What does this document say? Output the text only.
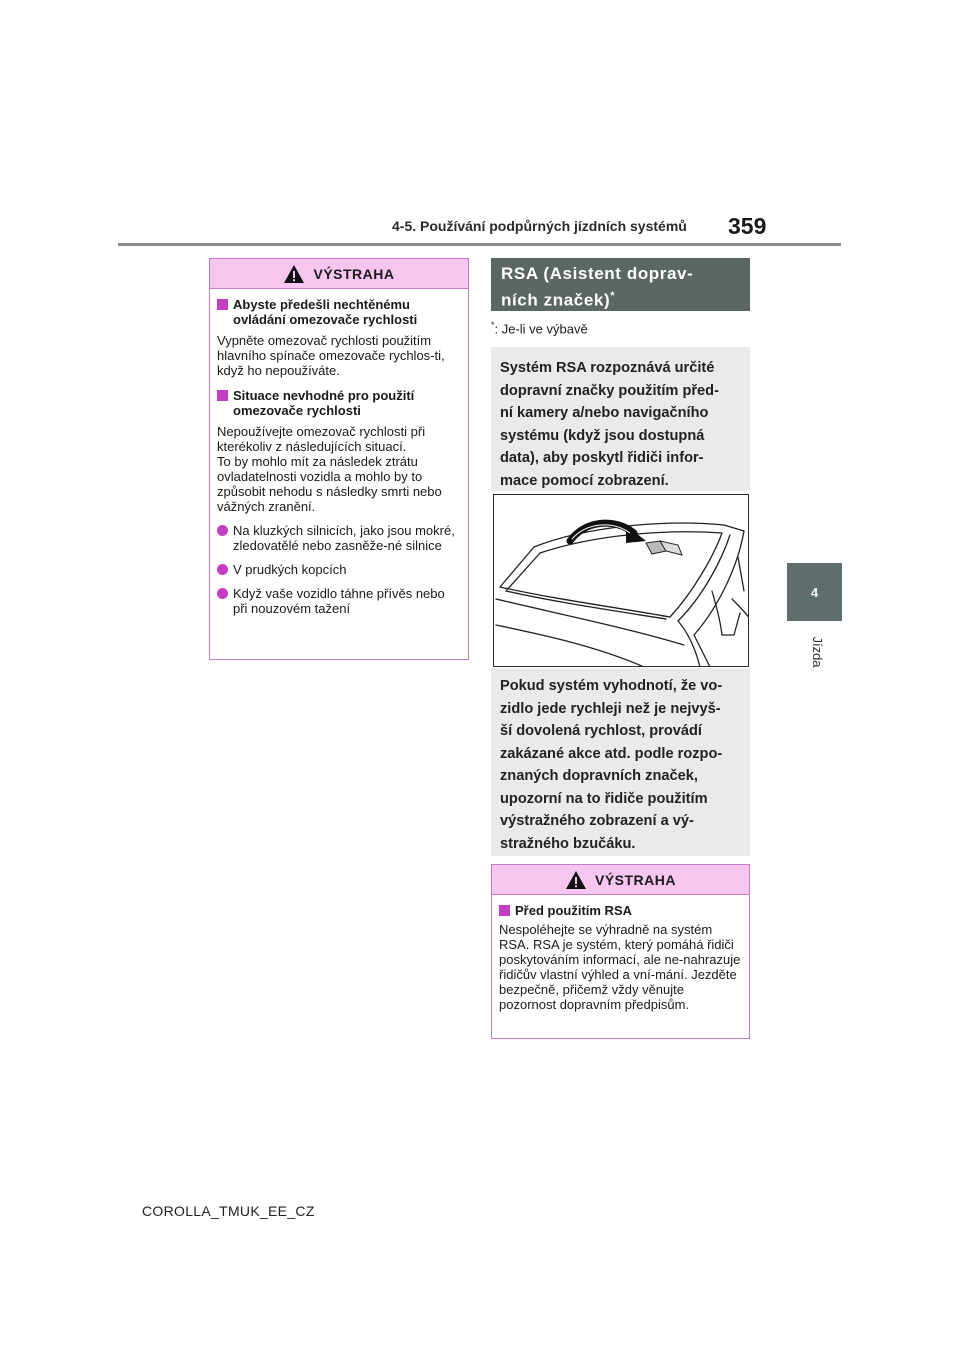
4-5. Používání podpůrných jízdních systémů 359
4
Jízda
VÝSTRAHA
Abyste předešli nechtěnému ovládání omezovače rychlosti

Vypněte omezovač rychlosti použitím hlavního spínače omezovače rychlos-ti, když ho nepoužíváte.

Situace nevhodné pro použití omezovače rychlosti

Nepoužívejte omezovač rychlosti při kterékoliv z následujících situací.
To by mohlo mít za následek ztrátu ovladatelnosti vozidla a mohlo by to způsobit nehodu s následky smrti nebo vážných zranění.

Na kluzkých silnicích, jako jsou mokré, zledovatělé nebo zasněže-né silnice
V prudkých kopcích
Když vaše vozidlo táhne přívěs nebo při nouzovém tažení
RSA (Asistent doprav-
ních značek)*
*: Je-li ve výbavě

Systém RSA rozpoznává určité
dopravní značky použitím před-
ní kamery a/nebo navigačního
systému (když jsou dostupná
data), aby poskytl řidiči infor-
mace pomocí zobrazení.

Pokud systém vyhodnotí, že vo-
zidlo jede rychleji než je nejvyš-
ší dovolená rychlost, provádí
zakázané akce atd. podle rozpo-
znaných dopravních značek,
upozorní na to řidiče použitím
výstražného zobrazení a vý-
stražného bzučáku.

VÝSTRAHA
Před použitím RSA

Nespoléhejte se výhradně na systém RSA. RSA je systém, který pomáhá řidiči poskytováním informací, ale ne-nahrazuje řidičův vlastní výhled a vní-mání. Jezděte bezpečně, přičemž vždy věnujte pozornost dopravním předpisům.

COROLLA_TMUK_EE_CZ
